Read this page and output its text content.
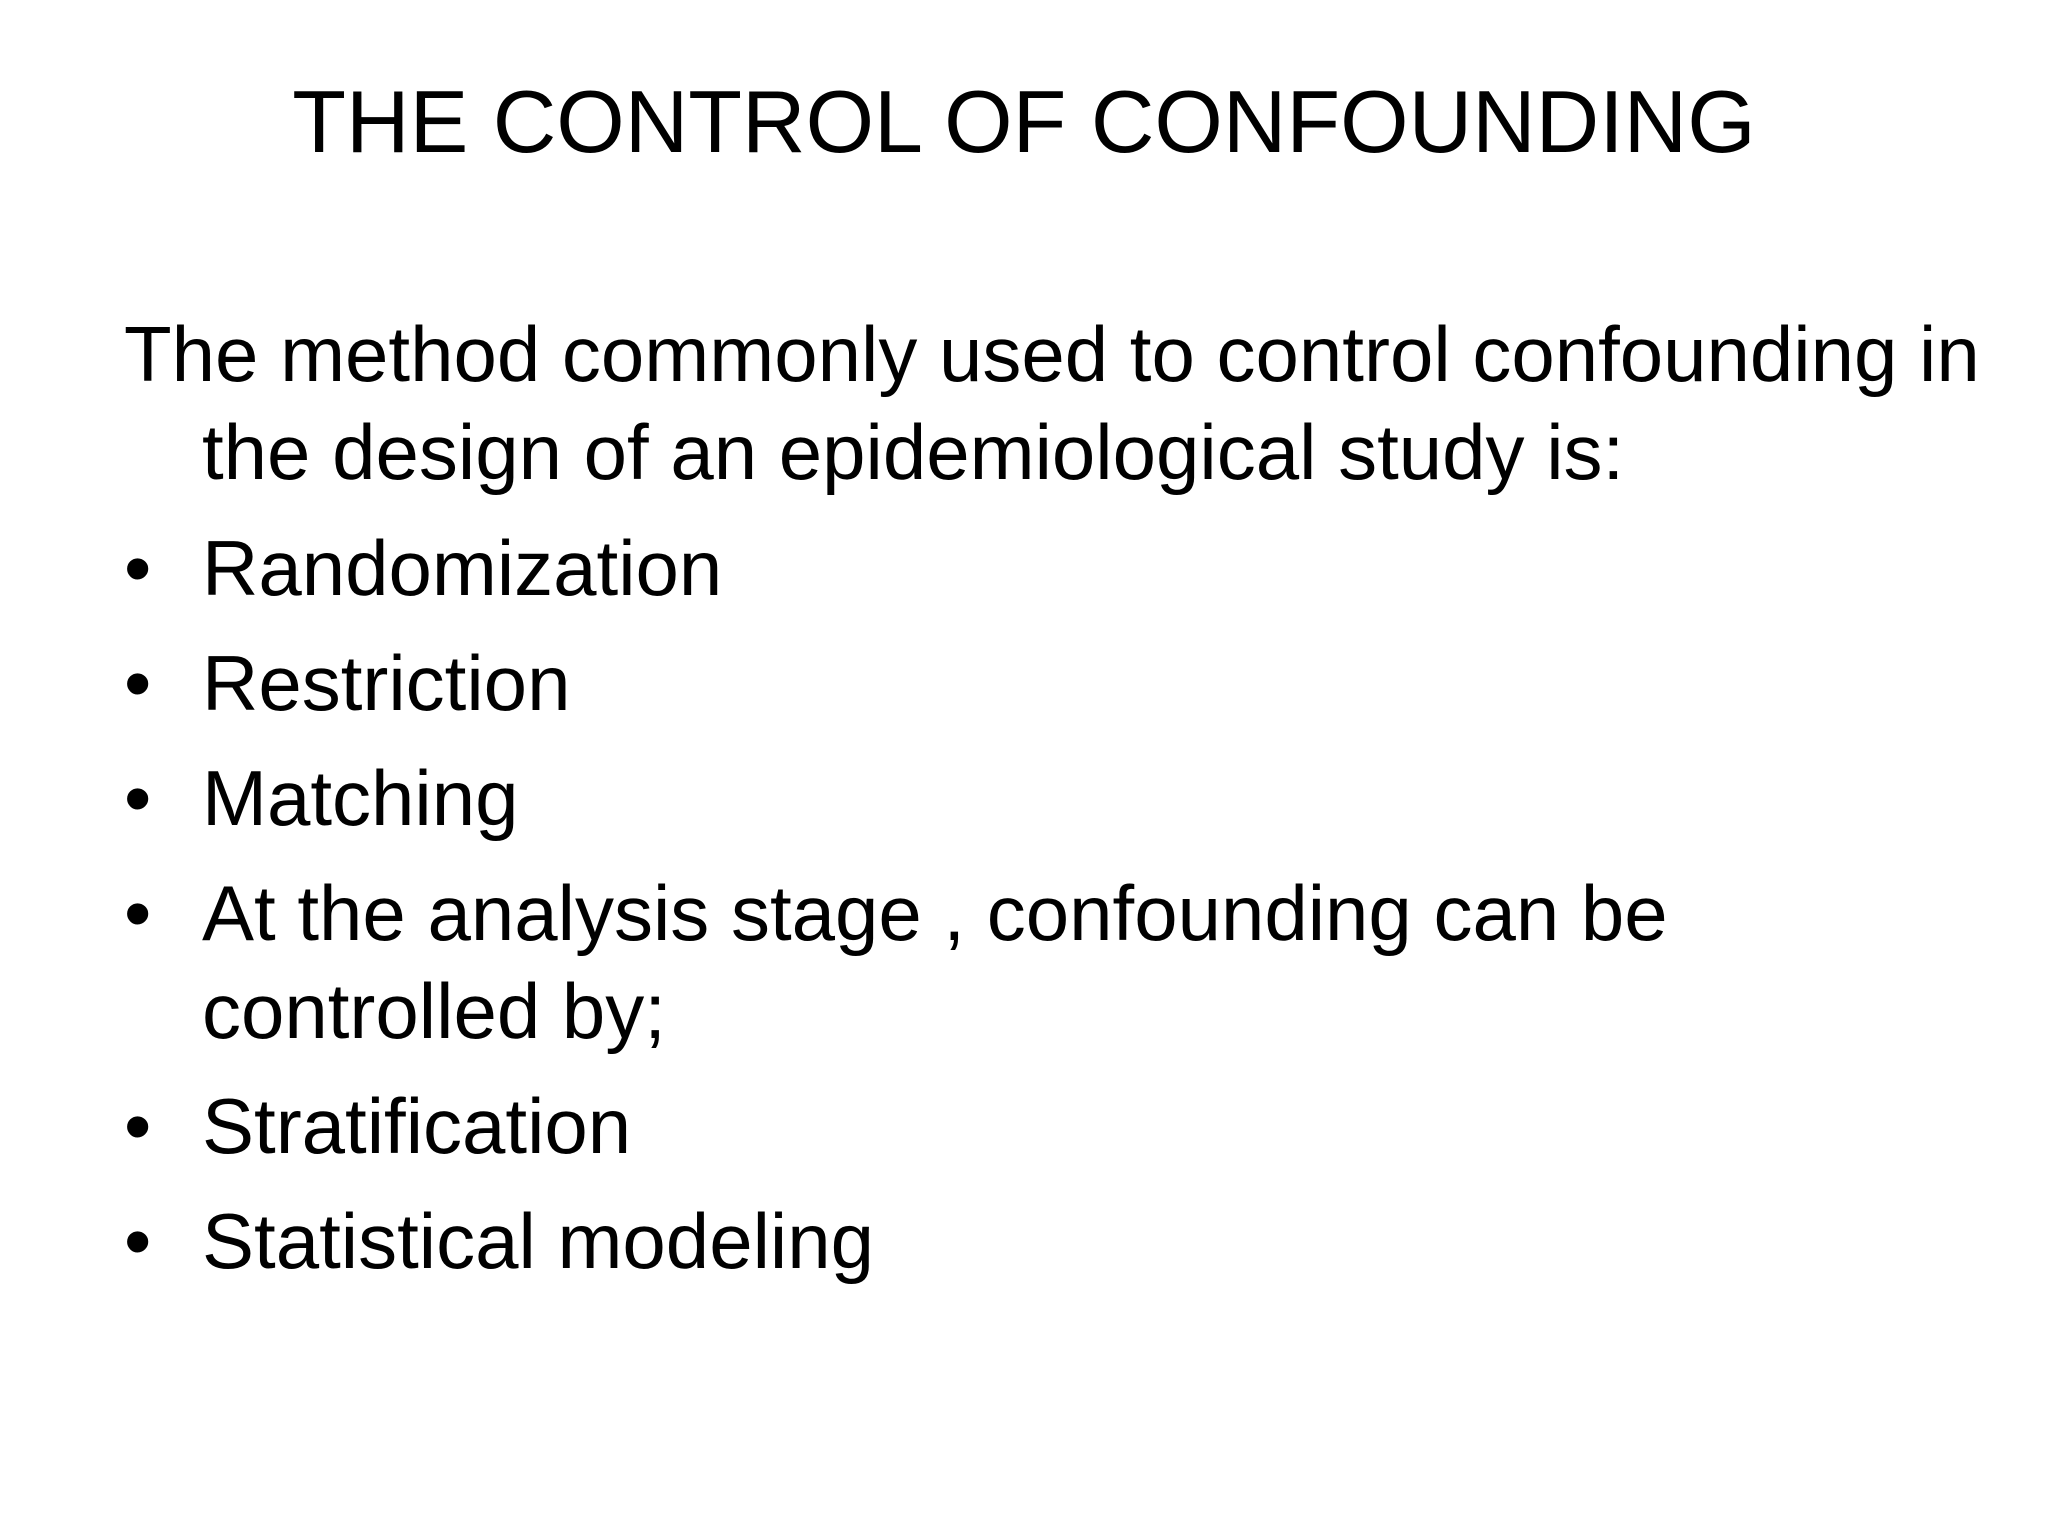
THE CONTROL OF CONFOUNDING

The method commonly used to control confounding in the design of an epidemiological study is:

• Randomization
• Restriction
• Matching
• At the analysis stage , confounding can be controlled by;
• Stratification
• Statistical modeling
